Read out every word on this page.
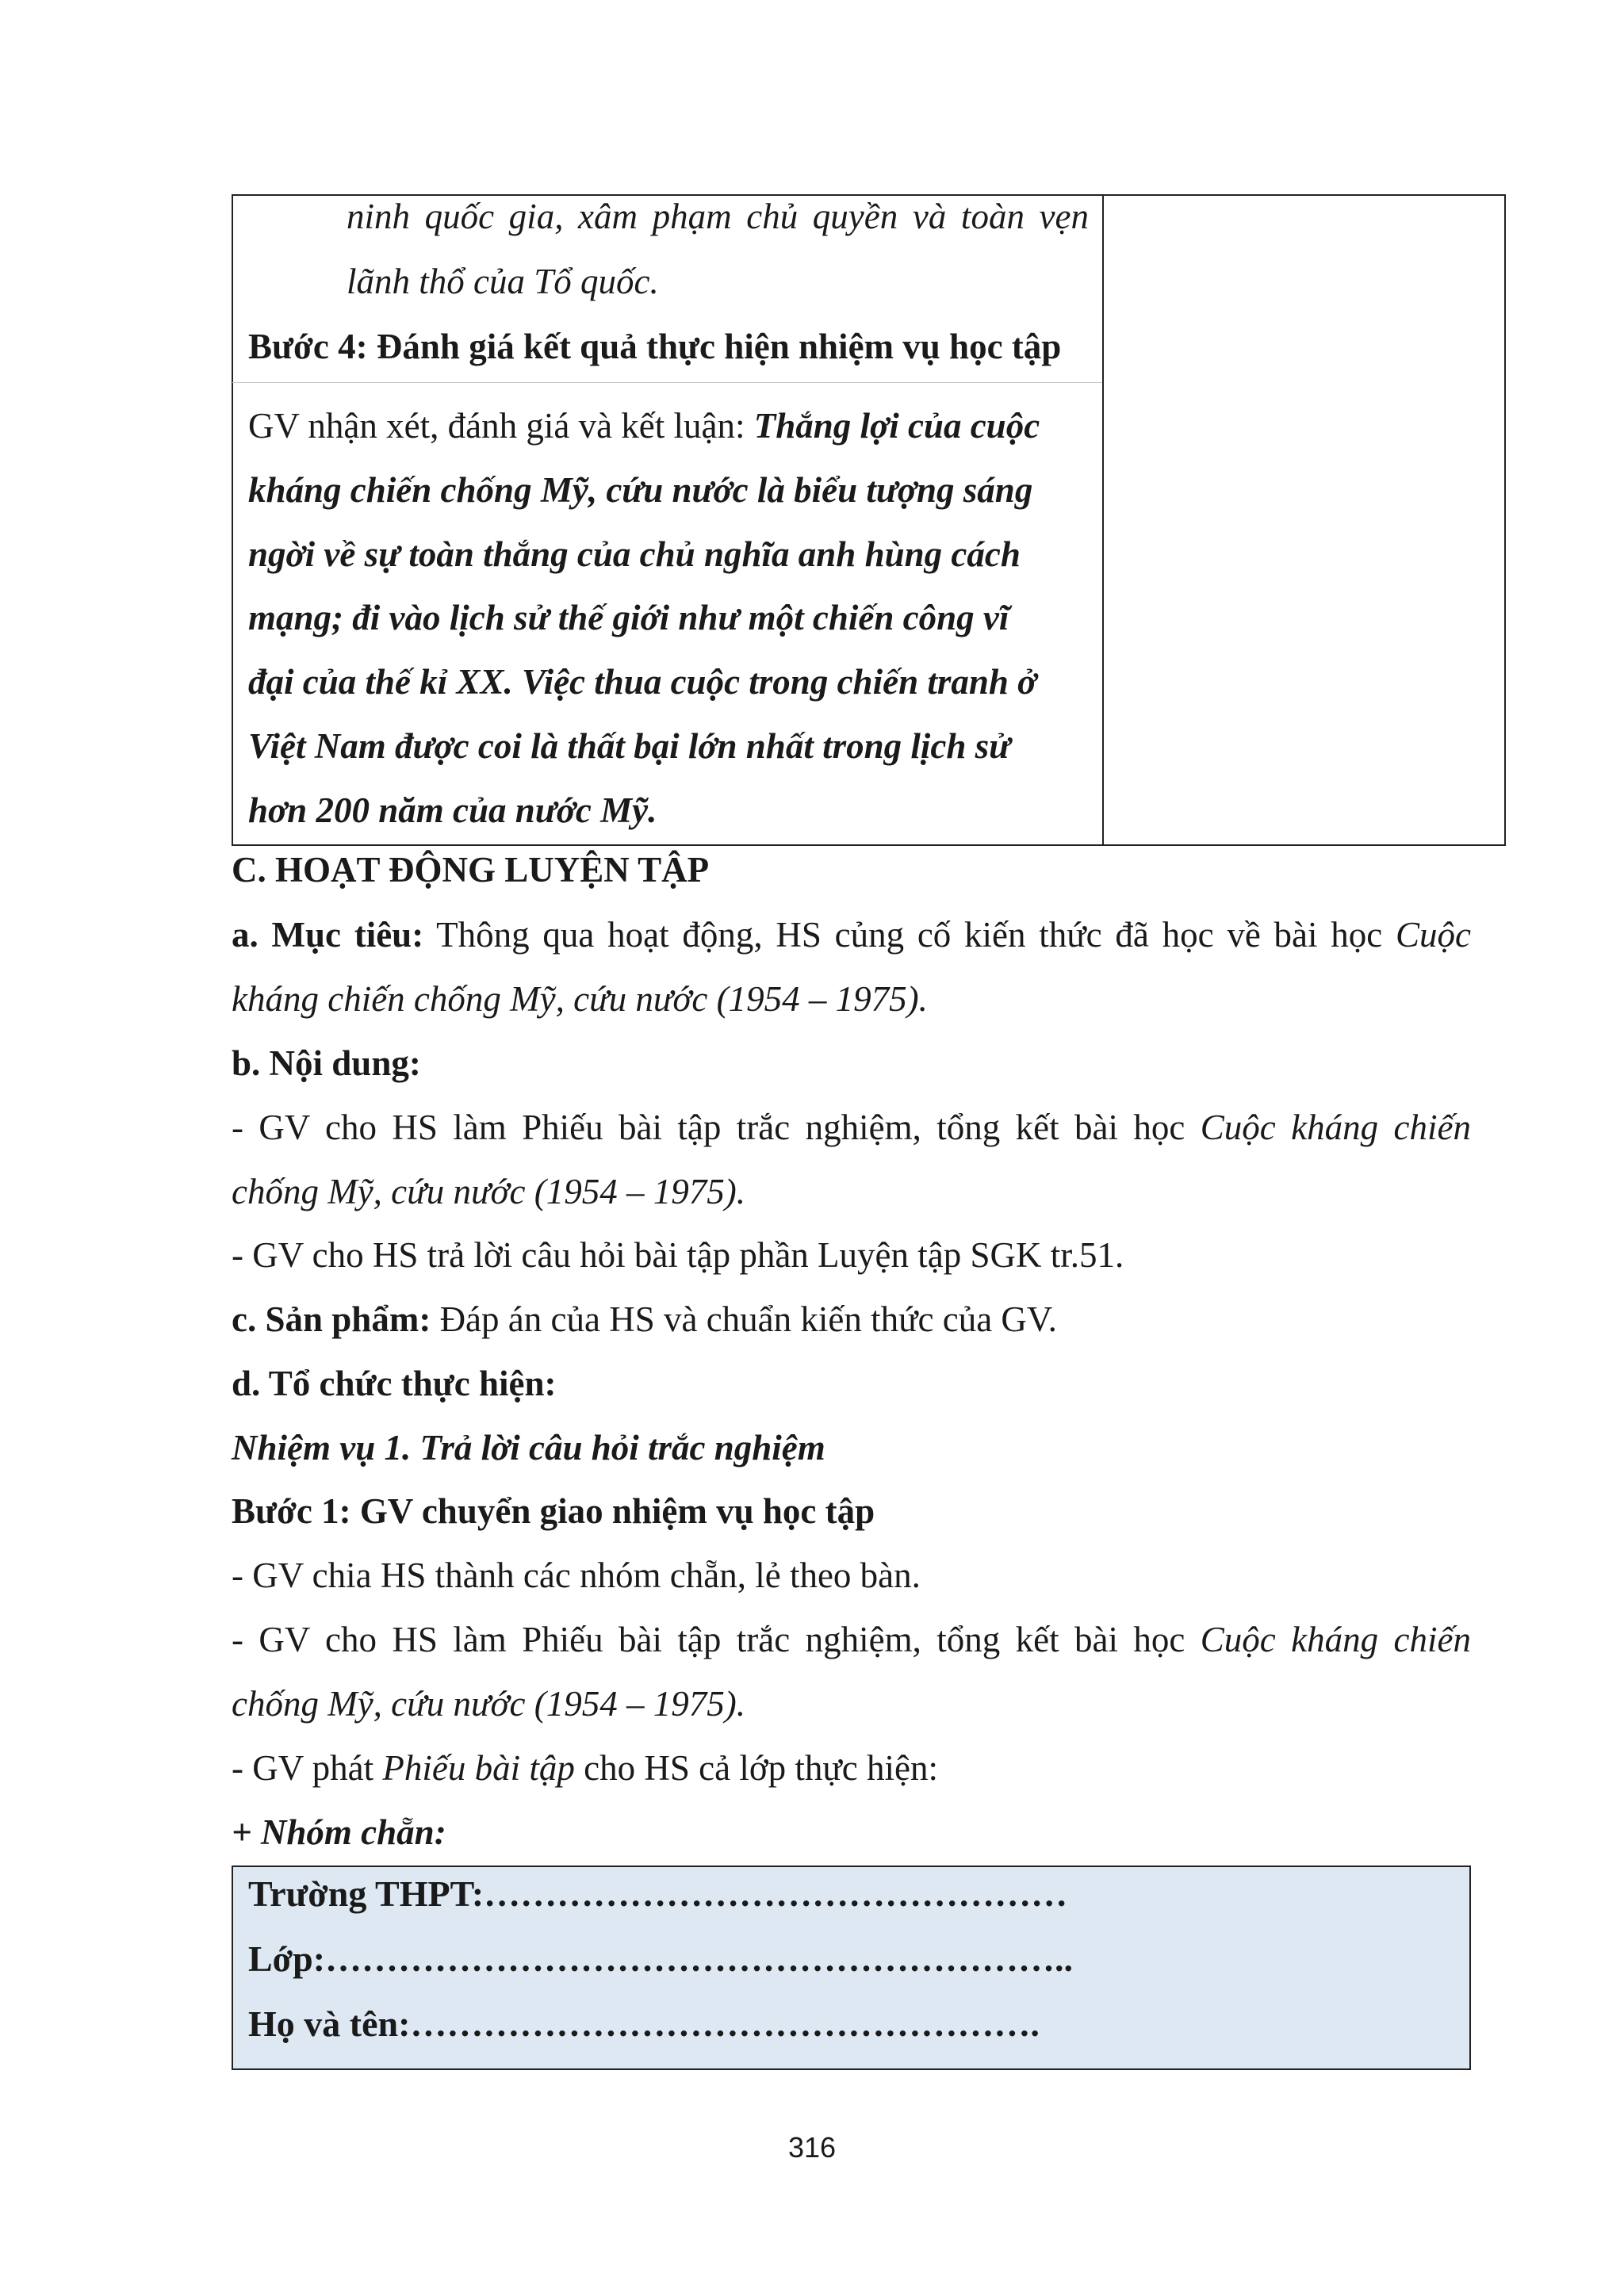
ninh quốc gia, xâm phạm chủ quyền và toàn vẹn
lãnh thổ của Tổ quốc.
Bước 4: Đánh giá kết quả thực hiện nhiệm vụ học tập
GV nhận xét, đánh giá và kết luận: Thắng lợi của cuộc
kháng chiến chống Mỹ, cứu nước là biểu tượng sáng
ngời về sự toàn thắng của chủ nghĩa anh hùng cách
mạng; đi vào lịch sử thế giới như một chiến công vĩ
đại của thế kỉ XX. Việc thua cuộc trong chiến tranh ở
Việt Nam được coi là thất bại lớn nhất trong lịch sử
hơn 200 năm của nước Mỹ.
C. HOẠT ĐỘNG LUYỆN TẬP
a. Mục tiêu: Thông qua hoạt động, HS củng cố kiến thức đã học về bài học Cuộc
kháng chiến chống Mỹ, cứu nước (1954 – 1975).
b. Nội dung:
- GV cho HS làm Phiếu bài tập trắc nghiệm, tổng kết bài học Cuộc kháng chiến
chống Mỹ, cứu nước (1954 – 1975).
- GV cho HS trả lời câu hỏi bài tập phần Luyện tập SGK tr.51.
c. Sản phẩm: Đáp án của HS và chuẩn kiến thức của GV.
d. Tổ chức thực hiện:
Nhiệm vụ 1. Trả lời câu hỏi trắc nghiệm
Bước 1: GV chuyển giao nhiệm vụ học tập
- GV chia HS thành các nhóm chẵn, lẻ theo bàn.
- GV cho HS làm Phiếu bài tập trắc nghiệm, tổng kết bài học Cuộc kháng chiến
chống Mỹ, cứu nước (1954 – 1975).
- GV phát Phiếu bài tập cho HS cả lớp thực hiện:
+ Nhóm chẵn:
Trường THPT:…………………………………………
Lớp:……………………………………………………..
Họ và tên:…………………………………………….
316
